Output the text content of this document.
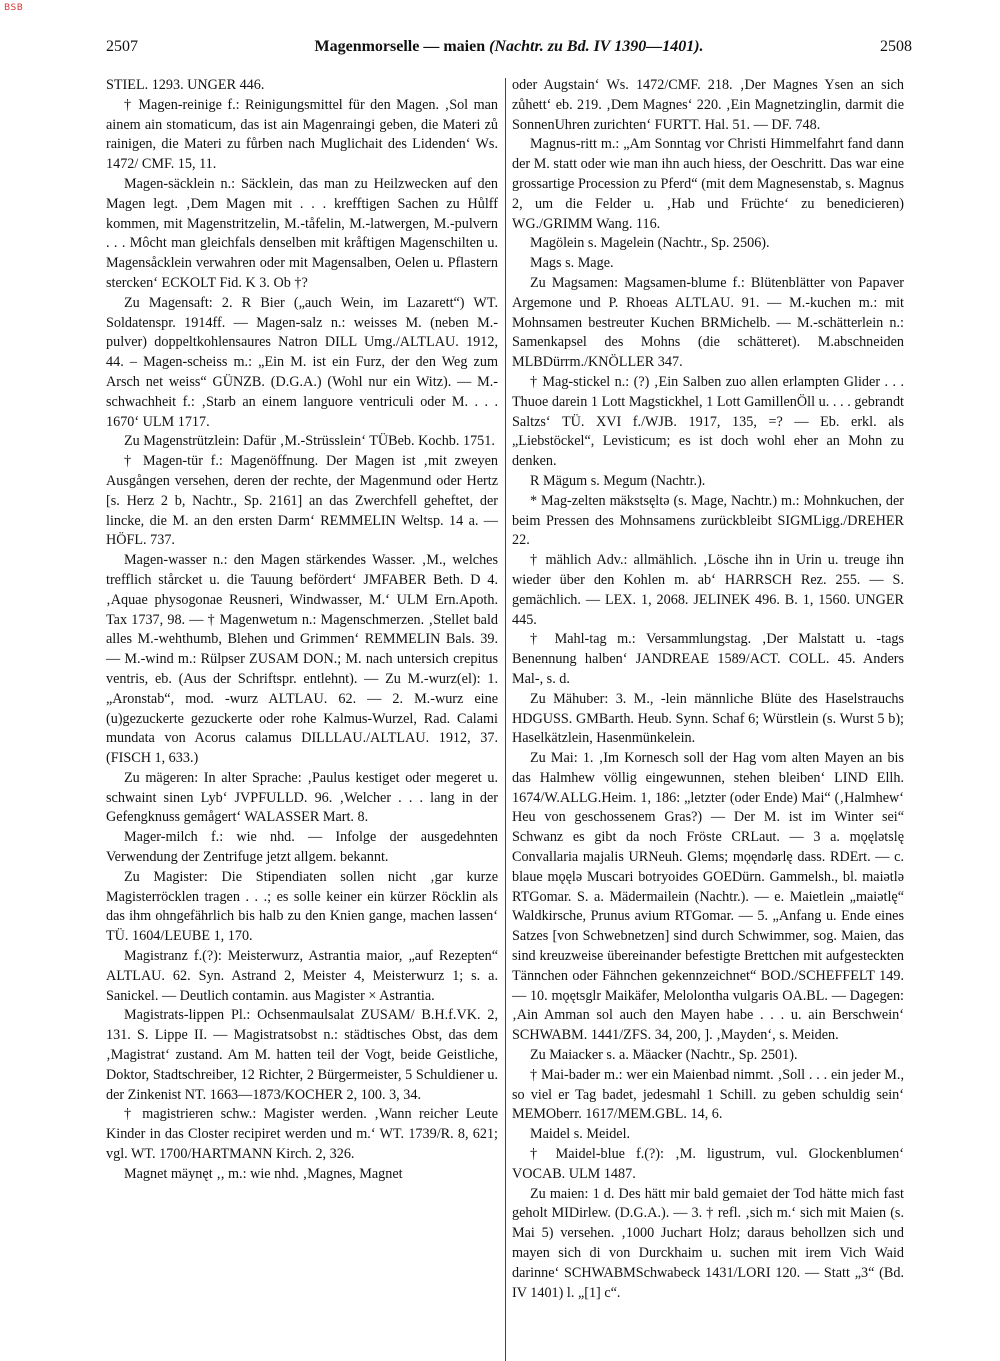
BSB
2507	Magenmorselle — maien (Nachtr. zu Bd. IV 1390—1401).	2508

STIEL. 1293. UNGER 446.

† Magen-reinige f.: Reinigungsmittel für den Magen. ‚Sol man ainem ain stomaticum, das ist ain Magenraingi geben, die Materi zů rainigen, die Materi zu fůrben nach Muglichait des Lidenden‘ Ws. 1472/ CMF. 15, 11.

Magen-säcklein n.: Säcklein, das man zu Heilzwecken auf den Magen legt. ‚Dem Magen mit . . . krefftigen Sachen zu Hůlff kommen, mit Magenstritzelin, M.-tåfelin, M.-latwergen, M.-pulvern . . . Môcht man gleichfals denselben mit kråftigen Magenschilten u. Magensåcklein verwahren oder mit Magensalben, Oelen u. Pflastern stercken‘ ECKOLT Fid. K 3. Ob †?

Zu Magensaft: 2. Ɍ Bier („auch Wein, im Lazarett“) WT. Soldatenspr. 1914ff. — Magen-salz n.: weisses M. (neben M.-pulver) doppeltkohlensaures Natron DILL Umg./ALTLAU. 1912, 44. – Magen-scheiss m.: „Ein M. ist ein Furz, der den Weg zum Arsch net weiss“ GÜNZB. (D.G.A.) (Wohl nur ein Witz). — M.-schwachheit f.: ‚Starb an einem languore ventriculi oder M. . . . 1670‘ ULM 1717.

Zu Magenstrützlein: Dafür ‚M.-Strüsslein‘ TÜBeb. Kochb. 1751.

† Magen-tür f.: Magenöffnung. Der Magen ist ‚mit zweyen Ausgången versehen, deren der rechte, der Magenmund oder Hertz [s. Herz 2 b, Nachtr., Sp. 2161] an das Zwerchfell geheftet, der lincke, die M. an den ersten Darm‘ REMMELIN Weltsp. 14 a. — HÖFL. 737.

Magen-wasser n.: den Magen stärkendes Wasser. ‚M., welches trefflich stårcket u. die Tauung befördert‘ JMFABER Beth. D 4. ‚Aquae physogonae Reusneri, Windwasser, M.‘ ULM Ern.Apoth. Tax 1737, 98. — † Magenwetum n.: Magenschmerzen. ‚Stellet bald alles M.-wehthumb, Blehen und Grimmen‘ REMMELIN Bals. 39. — M.-wind m.: Rülpser ZUSAM DON.; M. nach untersich crepitus ventris, eb. (Aus der Schriftspr. entlehnt). — Zu M.-wurz(el): 1. „Aronstab“, mod. -wurz ALTLAU. 62. — 2. M.-wurz eine (u)gezuckerte gezuckerte oder rohe Kalmus-Wurzel, Rad. Calami mundata von Acorus calamus DILLLAU./ALTLAU. 1912, 37. (FISCH 1, 633.)

Zu mägeren: In alter Sprache: ‚Paulus kestiget oder megeret u. schwaint sinen Lyb‘ JVPFULLD. 96. ‚Welcher . . . lang in der Gefengknuss gemågert‘ WALASSER Mart. 8.

Mager-milch f.: wie nhd. — Infolge der ausgedehnten Verwendung der Zentrifuge jetzt allgem. bekannt.

Zu Magister: Die Stipendiaten sollen nicht ‚gar kurze Magisterröcklen tragen . . .; es solle keiner ein kürzer Röcklin als das ihm ohngefährlich bis halb zu den Knien gange, machen lassen‘ TÜ. 1604/LEUBE 1, 170.

Magistranz f.(?): Meisterwurz, Astrantia maior, „auf Rezepten“ ALTLAU. 62. Syn. Astrand 2, Meister 4, Meisterwurz 1; s. a. Sanickel. — Deutlich contamin. aus Magister × Astrantia.

Magistrats-lippen Pl.: Ochsenmaulsalat ZUSAM/ B.H.f.VK. 2, 131. S. Lippe II. — Magistratsobst n.: städtisches Obst, das dem ‚Magistrat‘ zustand. Am M. hatten teil der Vogt, beide Geistliche, Doktor, Stadtschreiber, 12 Richter, 2 Bürgermeister, 5 Schuldiener u. der Zinkenist NT. 1663—1873/KOCHER 2, 100. 3, 34.

† magistrieren schw.: Magister werden. ‚Wann reicher Leute Kinder in das Closter recipiret werden und m.‘ WT. 1739/R. 8, 621; vgl. WT. 1700/HARTMANN Kirch. 2, 326.

Magnet mäynęt ‚, m.: wie nhd. ‚Magnes, Magnet

oder Augstain‘ Ws. 1472/CMF. 218. ‚Der Magnes Ysen an sich zůhett‘ eb. 219. ‚Dem Magnes‘ 220. ‚Ein Magnetzinglin, darmit die SonnenUhren zurichten‘ FURTT. Hal. 51. — DF. 748.

Magnus-ritt m.: „Am Sonntag vor Christi Himmelfahrt fand dann der M. statt oder wie man ihn auch hiess, der Oeschritt. Das war eine grossartige Procession zu Pferd“ (mit dem Magnesenstab, s. Magnus 2, um die Felder u. ‚Hab und Früchte‘ zu benedicieren) WG./GRIMM Wang. 116.

Magölein s. Magelein (Nachtr., Sp. 2506).

Mags s. Mage.

Zu Magsamen: Magsamen-blume f.: Blütenblätter von Papaver Argemone und P. Rhoeas ALTLAU. 91. — M.-kuchen m.: mit Mohnsamen bestreuter Kuchen BRMichelb. — M.-schätterlein n.: Samenkapsel des Mohns (die schätteret). M.abschneiden MLBDürrm./KNÖLLER 347.

† Mag-stickel n.: (?) ‚Ein Salben zuo allen erlampten Glider . . . Thuoe darein 1 Lott Magstickhel, 1 Lott GamillenÖll u. . . . gebrandt Saltzs‘ TÜ. XVI f./WJB. 1917, 135, =? — Eb. erkl. als „Liebstöckel“, Levisticum; es ist doch wohl eher an Mohn zu denken.

R Mägum s. Megum (Nachtr.).

* Mag-zelten mäkstsęltǝ (s. Mage, Nachtr.) m.: Mohnkuchen, der beim Pressen des Mohnsamens zurückbleibt SIGMLigg./DREHER 22.

† mählich Adv.: allmählich. ‚Lösche ihn in Urin u. treuge ihn wieder über den Kohlen m. ab‘ HARRSCH Rez. 255. — S. gemächlich. — LEX. 1, 2068. JELINEK 496. B. 1, 1560. UNGER 445.

† Mahl-tag m.: Versammlungstag. ‚Der Malstatt u. -tags Benennung halben‘ JANDREAE 1589/ACT. COLL. 45. Anders Mal-, s. d.

Zu Mähuber: 3. M., -lein männliche Blüte des Haselstrauchs HDGUSS. GMBarth. Heub. Synn. Schaf 6; Würstlein (s. Wurst 5 b); Haselkätzlein, Hasenmünkelein.

Zu Mai: 1. ‚Im Kornesch soll der Hag vom alten Mayen an bis das Halmhew völlig eingewunnen, stehen bleiben‘ LIND Ellh. 1674/W.ALLG.Heim. 1, 186: „letzter (oder Ende) Mai“ (‚Halmhew‘ Heu von geschossenem Gras?) — Der M. ist im Winter sei“ Schwanz es gibt da noch Fröste CRLaut. — 3 a. mǫęlǝtslę Convallaria majalis URNeuh. Glems; mǫęndǝrlę dass. RDErt. — c. blaue mǫęlǝ Muscari botryoides GOEDürn. Gammelsh., bl. maiǝtlǝ RTGomar. S. a. Mädermailein (Nachtr.). — e. Maietlein „maiǝtlę“ Waldkirsche, Prunus avium RTGomar. — 5. „Anfang u. Ende eines Satzes [von Schwebnetzen] sind durch Schwimmer, sog. Maien, das sind kreuzweise übereinander befestigte Brettchen mit aufgesteckten Tännchen oder Fähnchen gekennzeichnet“ BOD./SCHEFFELT 149. — 10. mǫętsglr Maikäfer, Melolontha vulgaris OA.BL. — Dagegen: ‚Ain Amman sol auch den Mayen habe . . . u. ain Berschwein‘ SCHWABM. 1441/ZFS. 34, 200, ]. ‚Mayden‘, s. Meiden.

Zu Maiacker s. a. Mäacker (Nachtr., Sp. 2501).

† Mai-bader m.: wer ein Maienbad nimmt. ‚Soll . . . ein jeder M., so viel er Tag badet, jedesmahl 1 Schill. zu geben schuldig sein‘ MEMOberr. 1617/MEM.GBL. 14, 6.

Maidel s. Meidel.

† Maidel-blue f.(?): ‚M. ligustrum, vul. Glockenblumen‘ VOCAB. ULM 1487.

Zu maien: 1 d. Des hätt mir bald gemaiet der Tod hätte mich fast geholt MIDirlew. (D.G.A.). — 3. † refl. ‚sich m.‘ sich mit Maien (s. Mai 5) versehen. ‚1000 Juchart Holz; daraus behollzen sich und mayen sich di von Durckhaim u. suchen mit irem Vich Waid darinne‘ SCHWABMSchwabeck 1431/LORI 120. — Statt „3“ (Bd. IV 1401) l. „[1] c“.
